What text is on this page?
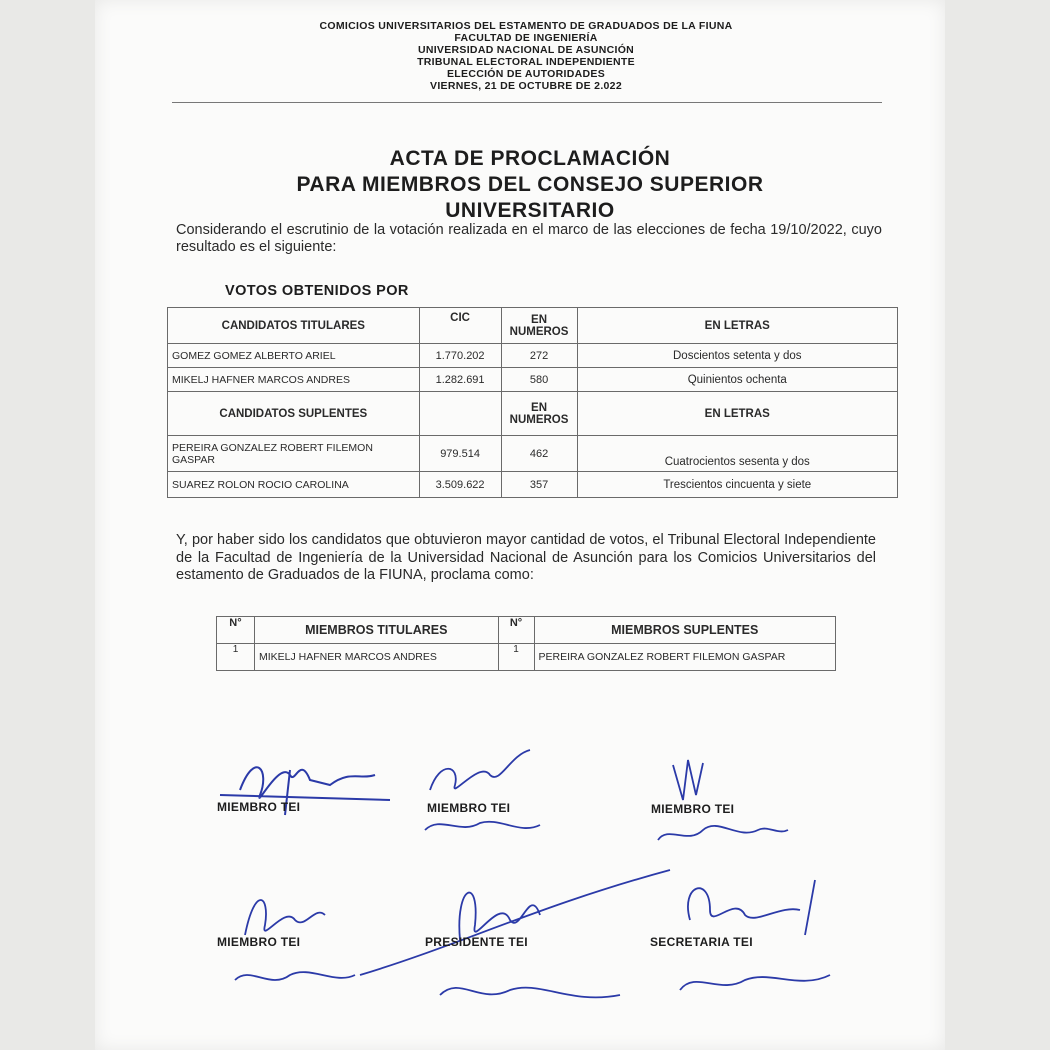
COMICIOS UNIVERSITARIOS DEL ESTAMENTO DE GRADUADOS DE LA FIUNA
FACULTAD DE INGENIERÍA
UNIVERSIDAD NACIONAL DE ASUNCIÓN
TRIBUNAL ELECTORAL INDEPENDIENTE
ELECCIÓN DE AUTORIDADES
VIERNES, 21 DE OCTUBRE DE 2.022
ACTA DE PROCLAMACIÓN
PARA MIEMBROS DEL CONSEJO SUPERIOR
UNIVERSITARIO
Considerando el escrutinio de la votación realizada en el marco de las elecciones de fecha 19/10/2022, cuyo resultado es el siguiente:
VOTOS OBTENIDOS POR
CANDIDATOS TITULARES	CIC	EN NUMEROS	EN LETRAS
GOMEZ GOMEZ ALBERTO ARIEL	1.770.202	272	Doscientos setenta y dos
MIKELJ HAFNER MARCOS ANDRES	1.282.691	580	Quinientos ochenta
CANDIDATOS SUPLENTES		EN NUMEROS	EN LETRAS
PEREIRA GONZALEZ ROBERT FILEMON GASPAR	979.514	462	Cuatrocientos sesenta y dos
SUAREZ ROLON ROCIO CAROLINA	3.509.622	357	Trescientos cincuenta y siete
Y, por haber sido los candidatos que obtuvieron mayor cantidad de votos, el Tribunal Electoral Independiente de la Facultad de Ingeniería de la Universidad Nacional de Asunción para los Comicios Universitarios del estamento de Graduados de la FIUNA, proclama como:
N°	MIEMBROS TITULARES	N°	MIEMBROS SUPLENTES
1	MIKELJ HAFNER MARCOS ANDRES	1	PEREIRA GONZALEZ ROBERT FILEMON GASPAR
MIEMBRO TEI	MIEMBRO TEI	MIEMBRO TEI
MIEMBRO TEI	PRESIDENTE TEI	SECRETARIA TEI
